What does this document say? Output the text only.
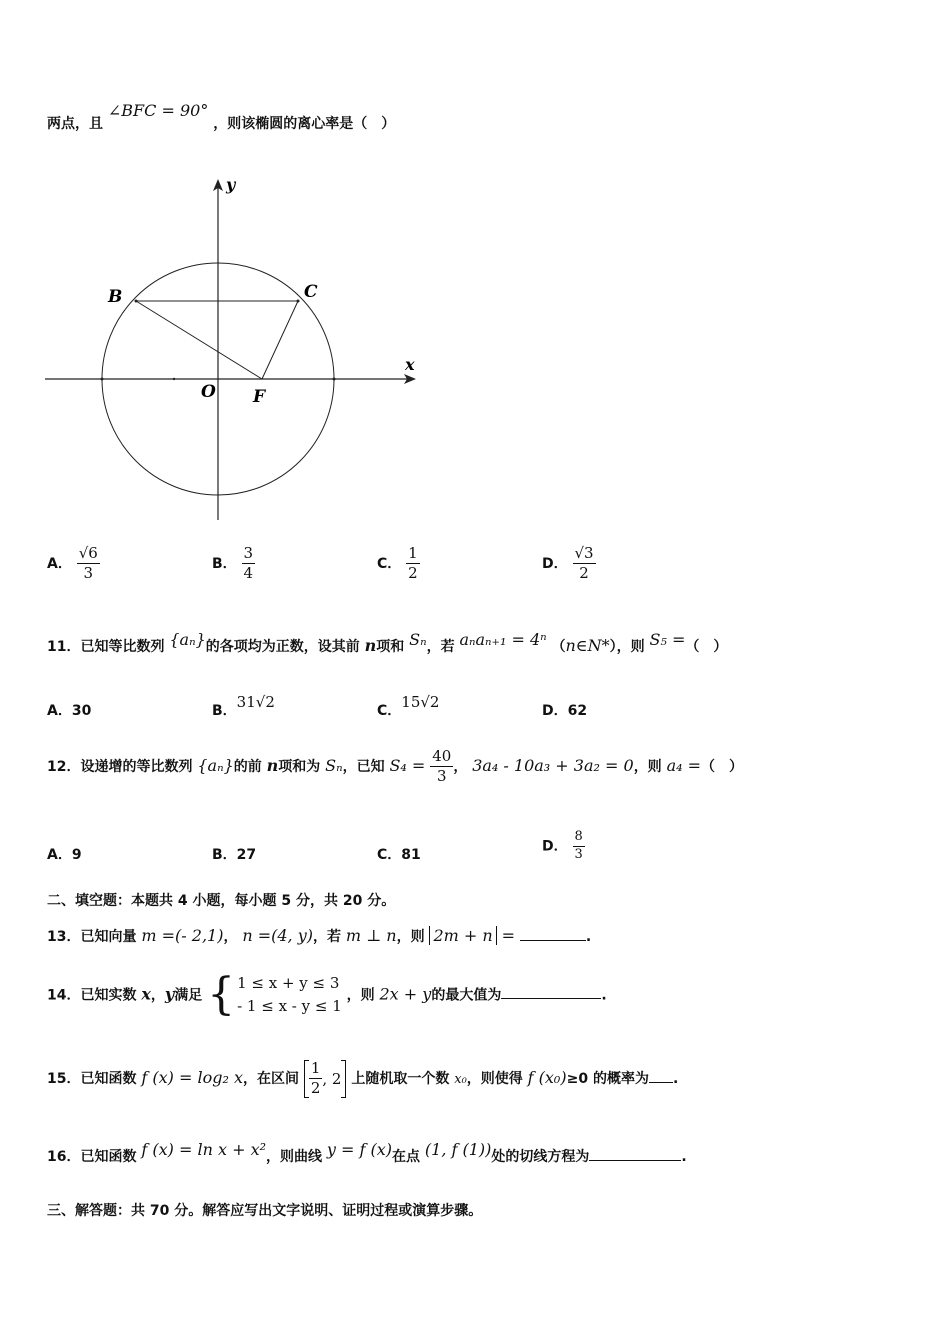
两点，且 ∠BFC = 90° ，则该椭圆的离心率是（　）
y
x
B	C
O F
A． $\frac{√6}{3}$	B． $\frac{3}{4}$	C． $\frac{1}{2}$	D． $\frac{√3}{2}$
11．已知等比数列 {aₙ}的各项均为正数，设其前 n项和 Sₙ，若 aₙaₙ₊₁ = 4ⁿ （n∈N*），则 S₅ =（　）
A．30	B．31√2	C．15√2	D．62
12．设递增的等比数列 {aₙ}的前 n项和为 Sₙ，已知 $S_4 = \frac{40}{3}$ ， 3a₄ - 10a₃ + 3a₂ = 0，则 a₄ =（　）
A．9	B．27	C．81
D． $\frac{8}{3}$
二、填空题：本题共 4 小题，每小题 5 分，共 20 分。
13．已知向量 m =(- 2,1)， n =(4, y)，若 m ⊥ n，则 2m + n =	.
14．已知实数 x，y满足 { 1 ≤ x + y ≤ 3
- 1 ≤ x - y ≤ 1
，则 2x + y的最大值为	.
15．已知函数 f (x) = log₂ x，在区间 $\frac{1}{2}$ , 2 上随机取一个数 x₀，则使得 f (x₀)≥0 的概率为 .
16．已知函数 f (x) = ln x + x²，则曲线 y = f (x)在点 (1, f (1))处的切线方程为	.
三、解答题：共 70 分。解答应写出文字说明、证明过程或演算步骤。
